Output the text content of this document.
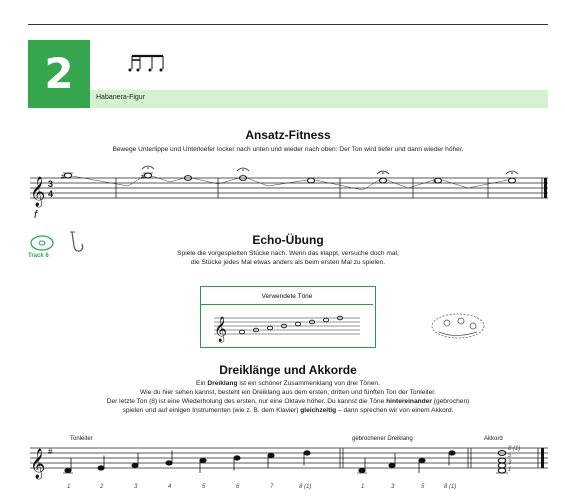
2	Habanera-Figur
Ansatz-Fitness
Bewege Unterlippe und Unterkiefer locker nach unten und wieder nach oben: Der Ton wird tiefer und dann wieder höher.
𝄞 3
4
f
#	#	♭
Track 6
Echo-Übung
Spiele die vorgespielten Stücke nach. Wenn das klappt, versuche doch mal,
die Stücke jedes Mal etwas anders als beim ersten Mal zu spielen.
Verwendete Töne
𝄞
Dreiklänge und Akkorde
Ein Dreiklang ist ein schöner Zusammenklang von drei Tönen.
Wie du hier sehen kannst, besteht ein Dreiklang aus dem ersten, dritten und fünften Ton der Tonleiter.
Der letzte Ton (8) ist eine Wiederholung des ersten, nur eine Oktave höher. Du kannst die Töne hintereinander (gebrochen)
spielen und auf einigen Instrumenten (wie z. B. dem Klavier) gleichzeitig – dann sprechen wir von einem Akkord.
Tonleiter	gebrochener Dreiklang	Akkord
𝄞 #
1	2	3	4	5	6	7	8 (1)	1	3	5	8 (1)
8 (1)
5
3
1
